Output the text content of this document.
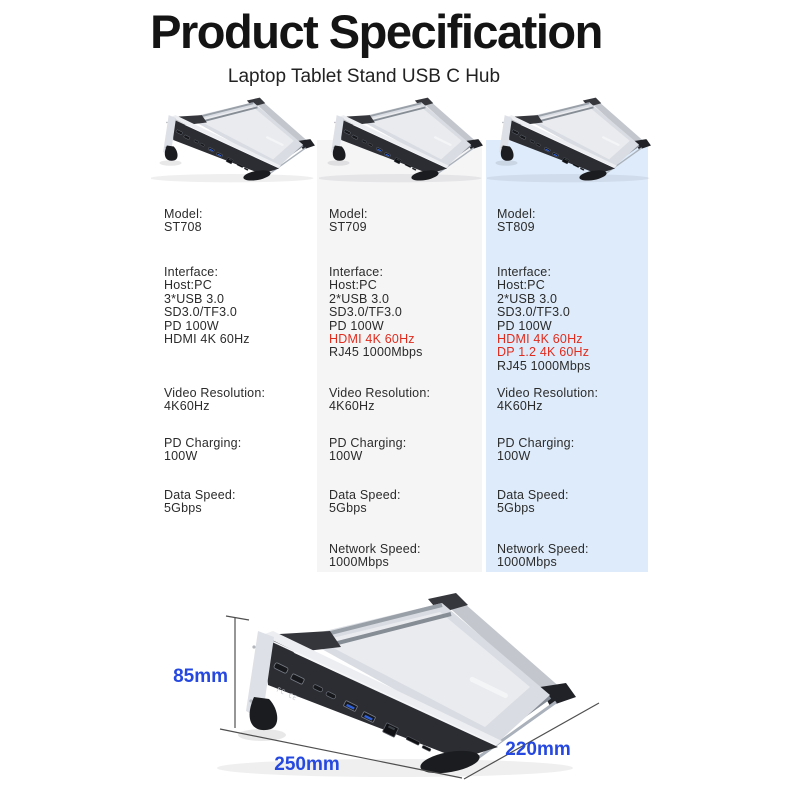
Product Specification
Laptop Tablet Stand USB C Hub
Model:
ST708
Interface:
Host:PC
3*USB 3.0
SD3.0/TF3.0
PD 100W
HDMI 4K 60Hz
Video Resolution:
4K60Hz
PD Charging:
100W
Data Speed:
5Gbps
Model:
ST709
Interface:
Host:PC
2*USB 3.0
SD3.0/TF3.0
PD 100W
HDMI 4K 60Hz
RJ45 1000Mbps
Video Resolution:
4K60Hz
PD Charging:
100W
Data Speed:
5Gbps
Network Speed:
1000Mbps
Model:
ST809
Interface:
Host:PC
2*USB 3.0
SD3.0/TF3.0
PD 100W
HDMI 4K 60Hz
DP 1.2 4K 60Hz
RJ45 1000Mbps
Video Resolution:
4K60Hz
PD Charging:
100W
Data Speed:
5Gbps
Network Speed:
1000Mbps
FC CE
85mm
250mm
220mm
